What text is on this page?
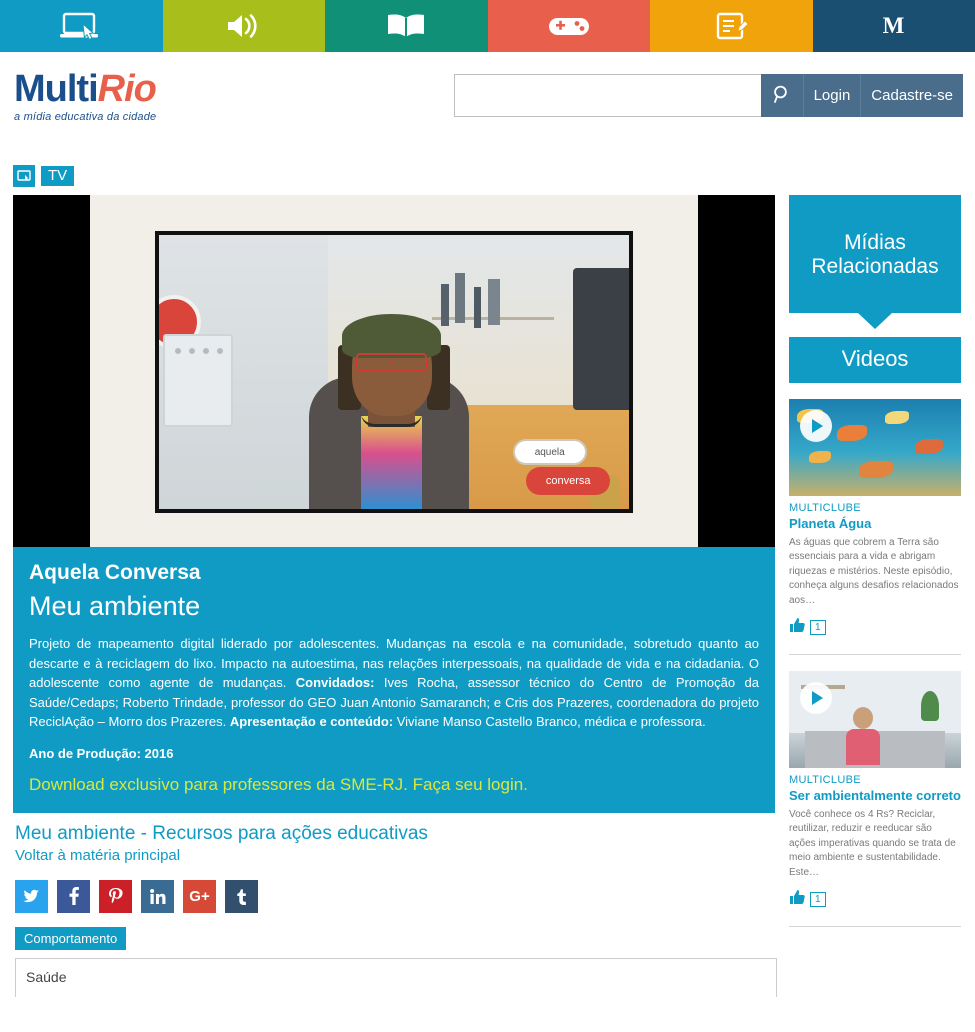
M
MultiRio
a mídia educativa da cidade
Login	Cadastre-se
TV
aquela
conversa
Aquela Conversa
Meu ambiente

Projeto de mapeamento digital liderado por adolescentes. Mudanças na escola e na comunidade, sobretudo quanto ao descarte e à reciclagem do lixo. Impacto na autoestima, nas relações interpessoais, na qualidade de vida e na cidadania. O adolescente como agente de mudanças. Convidados: Ives Rocha, assessor técnico do Centro de Promoção da Saúde/Cedaps; Roberto Trindade, professor do GEO Juan Antonio Samaranch; e Cris dos Prazeres, coordenadora do projeto ReciclAção – Morro dos Prazeres. Apresentação e conteúdo: Viviane Manso Castello Branco, médica e professora.

Ano de Produção: 2016
Download exclusivo para professores da SME-RJ. Faça seu login.
Meu ambiente - Recursos para ações educativas
Voltar à matéria principal
G+
Comportamento
Saúde
Mídias
Relacionadas
Videos
MULTICLUBE
Planeta Água
As águas que cobrem a Terra são essenciais para a vida e abrigam riquezas e mistérios. Neste episódio, conheça alguns desafios relacionados aos…
1
MULTICLUBE
Ser ambientalmente correto
Você conhece os 4 Rs? Reciclar, reutilizar, reduzir e reeducar são ações imperativas quando se trata de meio ambiente e sustentabilidade. Este…
1
